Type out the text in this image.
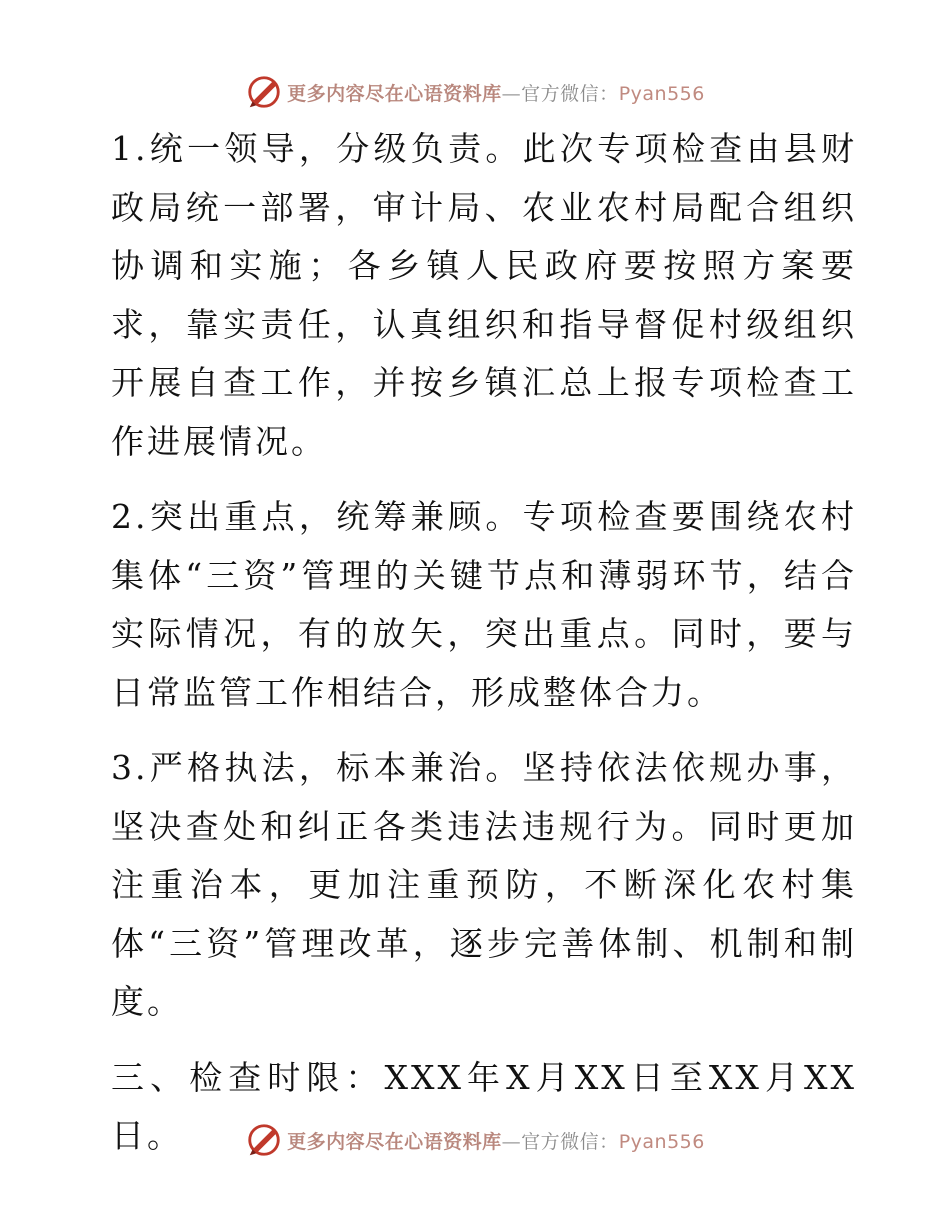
更多内容尽在心语资料库—官方微信：Pyan556

1.统一领导，分级负责。此次专项检查由县财政局统一部署，审计局、农业农村局配合组织协调和实施；各乡镇人民政府要按照方案要求，靠实责任，认真组织和指导督促村级组织开展自查工作，并按乡镇汇总上报专项检查工作进展情况。

2.突出重点，统筹兼顾。专项检查要围绕农村集体“三资”管理的关键节点和薄弱环节，结合实际情况，有的放矢，突出重点。同时，要与日常监管工作相结合，形成整体合力。

3.严格执法，标本兼治。坚持依法依规办事，坚决查处和纠正各类违法违规行为。同时更加注重治本，更加注重预防，不断深化农村集体“三资”管理改革，逐步完善体制、机制和制度。

三、检查时限：XXX年X月XX日至XX月XX日。	更多内容尽在心语资料库—官方微信：Pyan556
